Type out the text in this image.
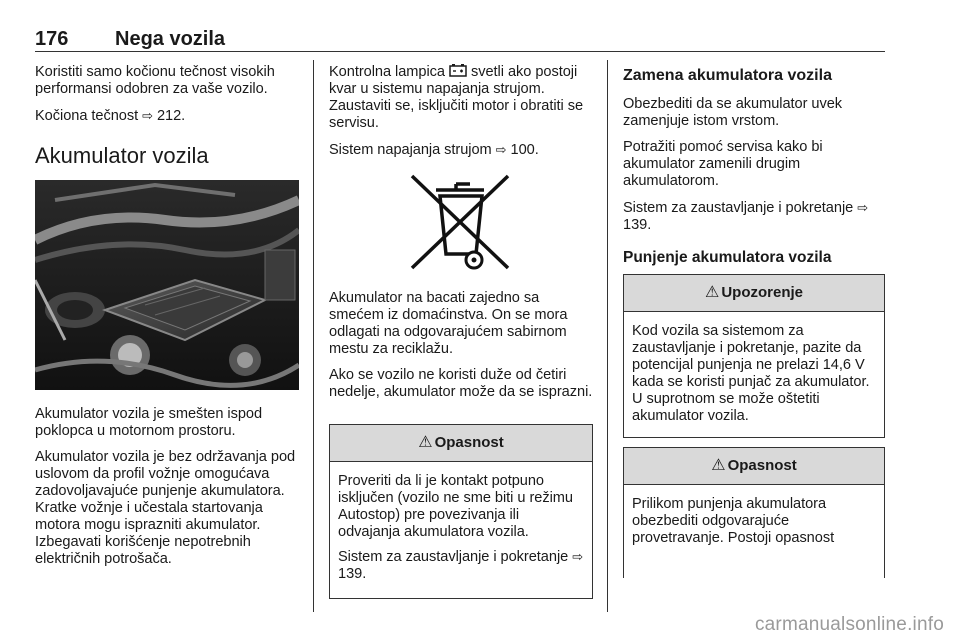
176 Nega vozila

Koristiti samo kočionu tečnost visokih performansi odobren za vaše vozilo.

Kočiona tečnost ⇨ 212.

Akumulator vozila

Akumulator vozila je smešten ispod poklopca u motornom prostoru.

Akumulator vozila je bez održavanja pod uslovom da profil vožnje omogućava zadovoljavajuće punjenje akumulatora. Kratke vožnje i učestala startovanja motora mogu isprazniti akumulator. Izbegavati korišćenje nepotrebnih električnih potrošača.

Kontrolna lampica  svetli ako postoji kvar u sistemu napajanja strujom. Zaustaviti se, isključiti motor i obratiti se servisu.

Sistem napajanja strujom ⇨ 100.

Akumulator na bacati zajedno sa smećem iz domaćinstva. On se mora odlagati na odgovarajućem sabirnom mestu za reciklažu.

Ako se vozilo ne koristi duže od četiri nedelje, akumulator može da se isprazni.

⚠ Opasnost

Proveriti da li je kontakt potpuno isključen (vozilo ne sme biti u režimu Autostop) pre povezivanja ili odvajanja akumulatora vozila.

Sistem za zaustavljanje i pokretanje ⇨ 139.

Zamena akumulatora vozila

Obezbediti da se akumulator uvek zamenjuje istom vrstom.

Potražiti pomoć servisa kako bi akumulator zamenili drugim akumulatorom.

Sistem za zaustavljanje i pokretanje ⇨ 139.

Punjenje akumulatora vozila
⚠ Upozorenje

Kod vozila sa sistemom za zaustavljanje i pokretanje, pazite da potencijal punjenja ne prelazi 14,6 V kada se koristi punjač za akumulator. U suprotnom se može oštetiti akumulator vozila.

⚠ Opasnost

Prilikom punjenja akumulatora obezbediti odgovarajuće provetravanje. Postoji opasnost

carmanualsonline.info
